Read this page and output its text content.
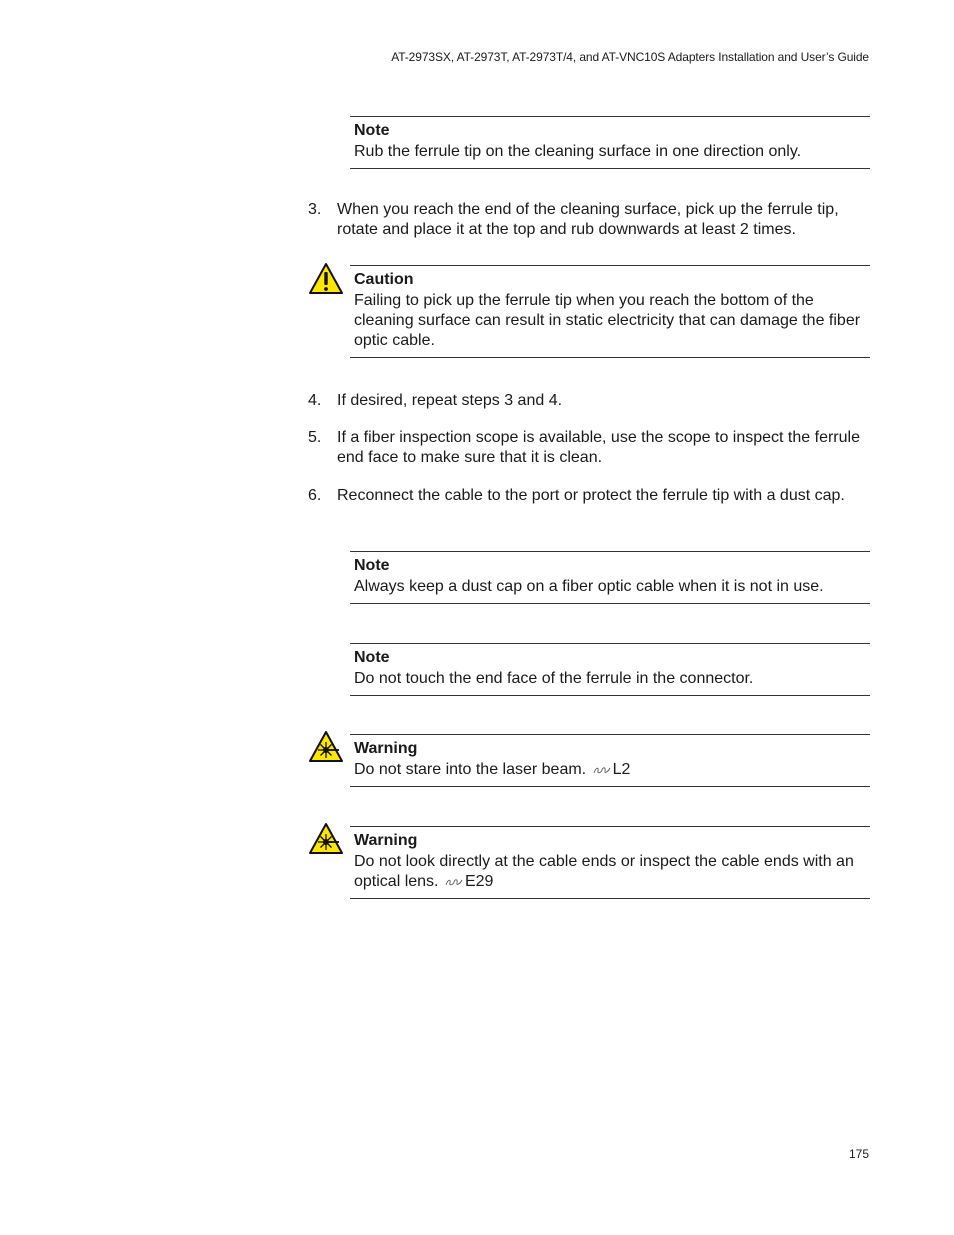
AT-2973SX, AT-2973T, AT-2973T/4, and AT-VNC10S Adapters Installation and User’s Guide
Note
Rub the ferrule tip on the cleaning surface in one direction only.
3. When you reach the end of the cleaning surface, pick up the ferrule tip, rotate and place it at the top and rub downwards at least 2 times.
Caution
Failing to pick up the ferrule tip when you reach the bottom of the cleaning surface can result in static electricity that can damage the fiber optic cable.
4. If desired, repeat steps 3 and 4.
5. If a fiber inspection scope is available, use the scope to inspect the ferrule end face to make sure that it is clean.
6. Reconnect the cable to the port or protect the ferrule tip with a dust cap.
Note
Always keep a dust cap on a fiber optic cable when it is not in use.
Note
Do not touch the end face of the ferrule in the connector.
Warning
Do not stare into the laser beam. L2
Warning
Do not look directly at the cable ends or inspect the cable ends with an optical lens. E29
175
